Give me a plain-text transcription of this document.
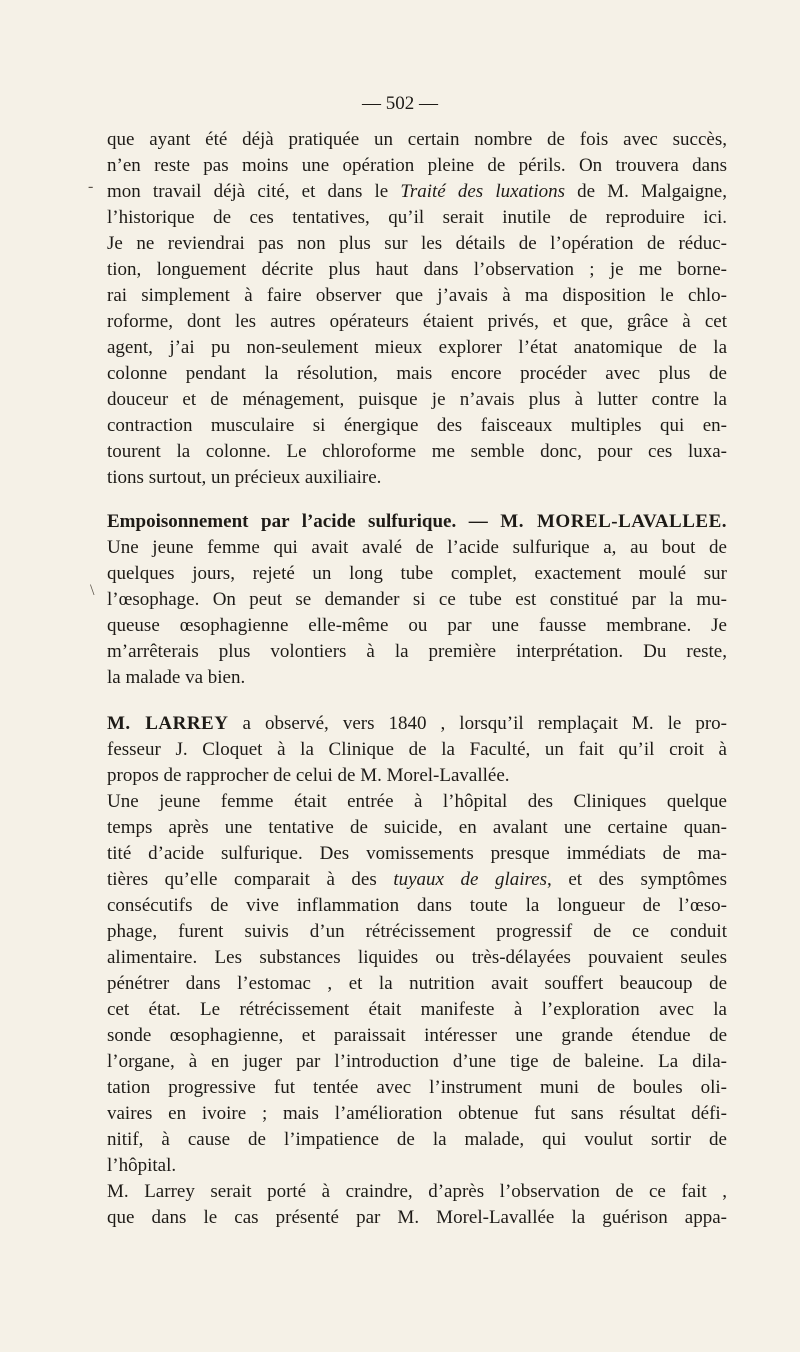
— 502 —
que ayant été déjà pratiquée un certain nombre de fois avec succès,
n’en reste pas moins une opération pleine de périls. On trouvera dans
mon travail déjà cité, et dans le Traité des luxations de M. Malgaigne,
l’historique de ces tentatives, qu’il serait inutile de reproduire ici.
Je ne reviendrai pas non plus sur les détails de l’opération de réduc-
tion, longuement décrite plus haut dans l’observation ; je me borne-
rai simplement à faire observer que j’avais à ma disposition le chlo-
roforme, dont les autres opérateurs étaient privés, et que, grâce à cet
agent, j’ai pu non-seulement mieux explorer l’état anatomique de la
colonne pendant la résolution, mais encore procéder avec plus de
douceur et de ménagement, puisque je n’avais plus à lutter contre la
contraction musculaire si énergique des faisceaux multiples qui en-
tourent la colonne. Le chloroforme me semble donc, pour ces luxa-
tions surtout, un précieux auxiliaire.
Empoisonnement par l’acide sulfurique. — M. MOREL-LAVALLEE.
Une jeune femme qui avait avalé de l’acide sulfurique a, au bout de
quelques jours, rejeté un long tube complet, exactement moulé sur
l’œsophage. On peut se demander si ce tube est constitué par la mu-
queuse œsophagienne elle-même ou par une fausse membrane. Je
m’arrêterais plus volontiers à la première interprétation. Du reste,
la malade va bien.
M. LARREY a observé, vers 1840 , lorsqu’il remplaçait M. le pro-
fesseur J. Cloquet à la Clinique de la Faculté, un fait qu’il croit à
propos de rapprocher de celui de M. Morel-Lavallée.
Une jeune femme était entrée à l’hôpital des Cliniques quelque
temps après une tentative de suicide, en avalant une certaine quan-
tité d’acide sulfurique. Des vomissements presque immédiats de ma-
tières qu’elle comparait à des tuyaux de glaires, et des symptômes
consécutifs de vive inflammation dans toute la longueur de l’œso-
phage, furent suivis d’un rétrécissement progressif de ce conduit
alimentaire. Les substances liquides ou très-délayées pouvaient seules
pénétrer dans l’estomac , et la nutrition avait souffert beaucoup de
cet état. Le rétrécissement était manifeste à l’exploration avec la
sonde œsophagienne, et paraissait intéresser une grande étendue de
l’organe, à en juger par l’introduction d’une tige de baleine. La dila-
tation progressive fut tentée avec l’instrument muni de boules oli-
vaires en ivoire ; mais l’amélioration obtenue fut sans résultat défi-
nitif, à cause de l’impatience de la malade, qui voulut sortir de
l’hôpital.
M. Larrey serait porté à craindre, d’après l’observation de ce fait ,
que dans le cas présenté par M. Morel-Lavallée la guérison appa-
-
\
